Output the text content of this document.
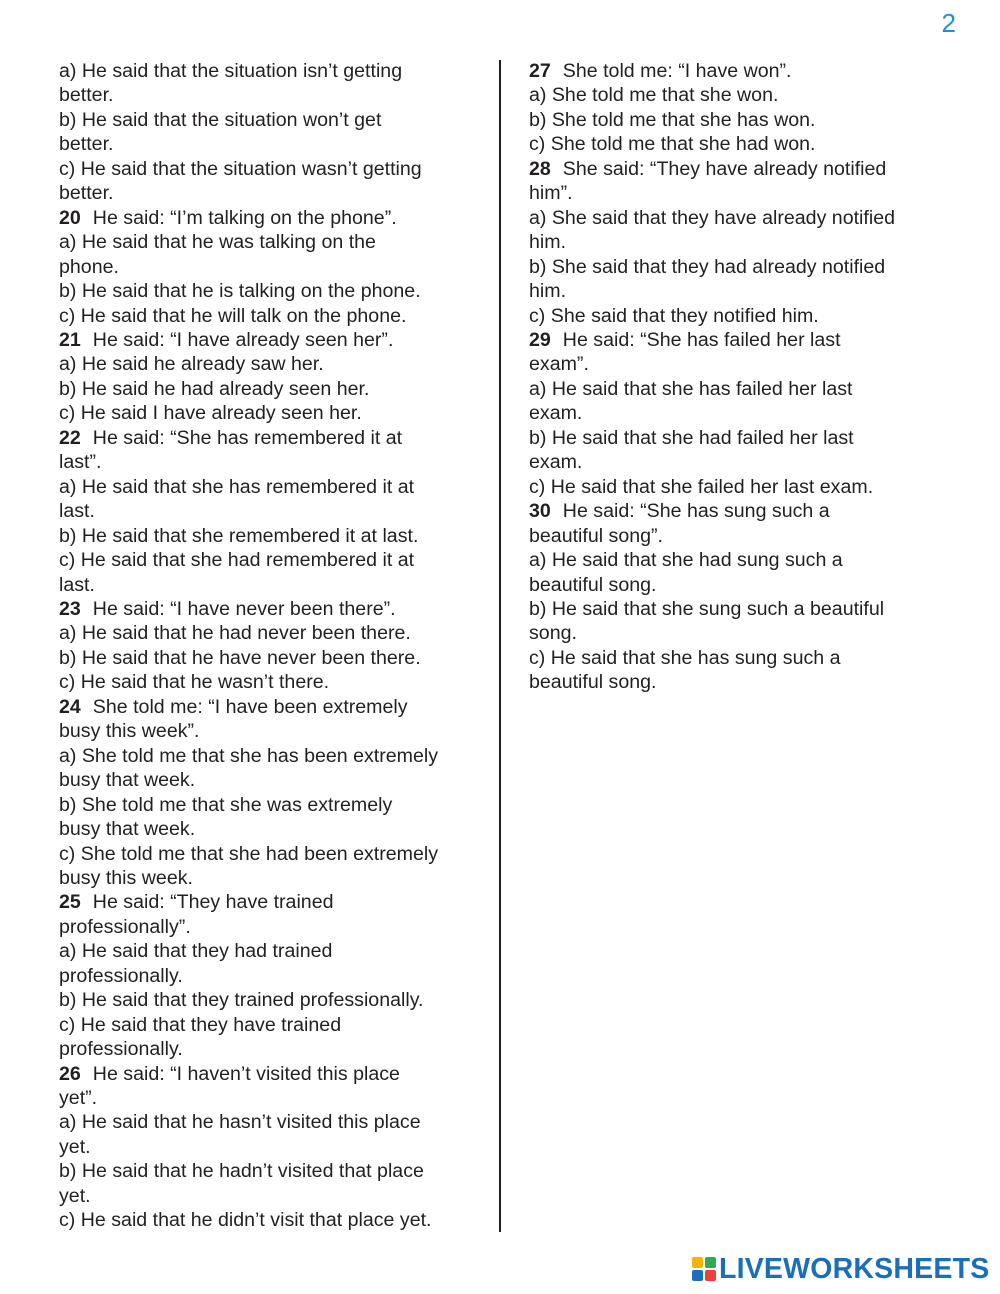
2
a) He said that the situation isn’t getting
better.
b) He said that the situation won’t get
better.
c) He said that the situation wasn’t getting
better.
20 He said: “I’m talking on the phone”.
a) He said that he was talking on the
phone.
b) He said that he is talking on the phone.
c) He said that he will talk on the phone.
21 He said: “I have already seen her”.
a) He said he already saw her.
b) He said he had already seen her.
c) He said I have already seen her.
22 He said: “She has remembered it at
last”.
a) He said that she has remembered it at
last.
b) He said that she remembered it at last.
c) He said that she had remembered it at
last.
23 He said: “I have never been there”.
a) He said that he had never been there.
b) He said that he have never been there.
c) He said that he wasn’t there.
24 She told me: “I have been extremely
busy this week”.
a) She told me that she has been extremely
busy that week.
b) She told me that she was extremely
busy that week.
c) She told me that she had been extremely
busy this week.
25 He said: “They have trained
professionally”.
a) He said that they had trained
professionally.
b) He said that they trained professionally.
c) He said that they have trained
professionally.
26 He said: “I haven’t visited this place
yet”.
a) He said that he hasn’t visited this place
yet.
b) He said that he hadn’t visited that place
yet.
c) He said that he didn’t visit that place yet.
27 She told me: “I have won”.
a) She told me that she won.
b) She told me that she has won.
c) She told me that she had won.
28 She said: “They have already notified
him”.
a) She said that they have already notified
him.
b) She said that they had already notified
him.
c) She said that they notified him.
29 He said: “She has failed her last
exam”.
a) He said that she has failed her last
exam.
b) He said that she had failed her last
exam.
c) He said that she failed her last exam.
30 He said: “She has sung such a
beautiful song”.
a) He said that she had sung such a
beautiful song.
b) He said that she sung such a beautiful
song.
c) He said that she has sung such a
beautiful song.
LIVEWORKSHEETS
